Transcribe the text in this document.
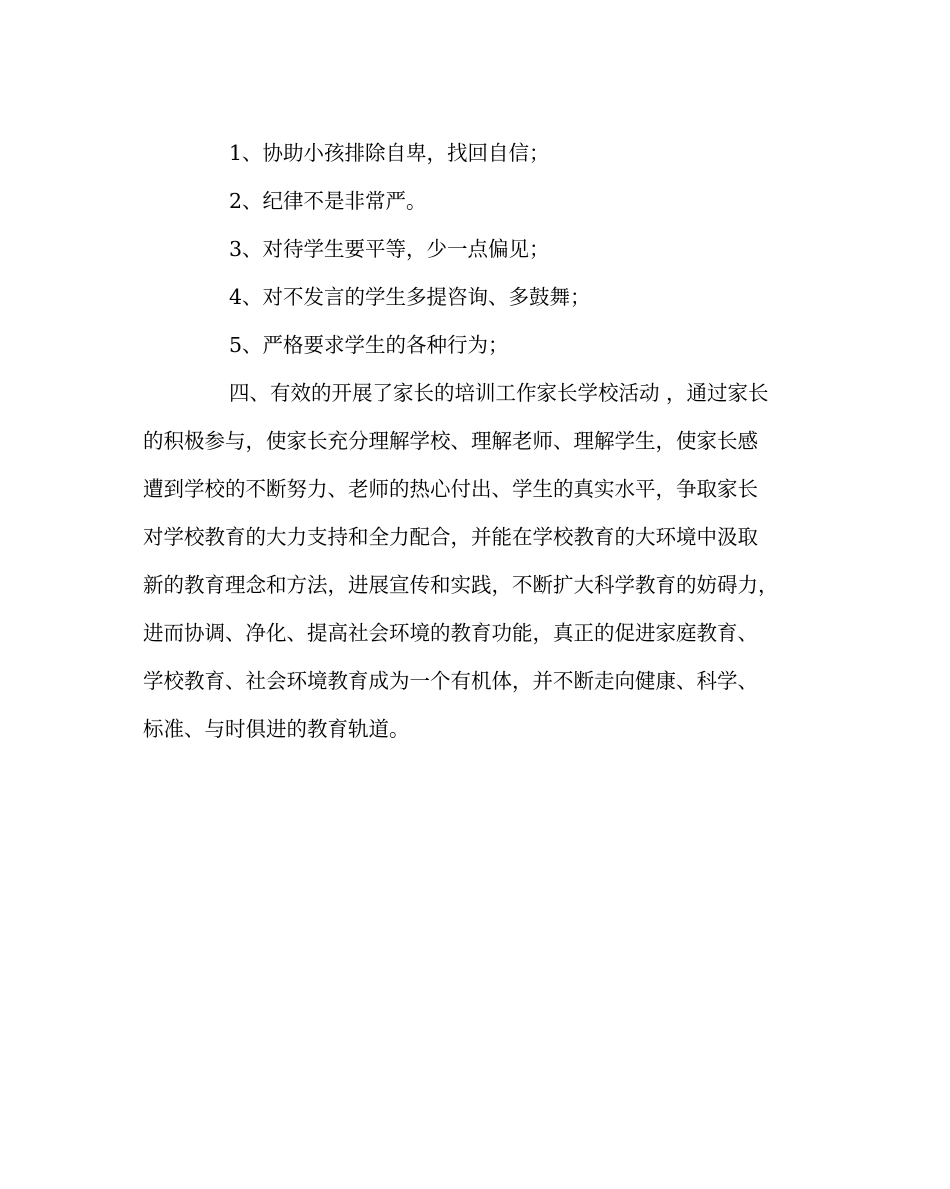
1、协助小孩排除自卑，找回自信；

2、纪律不是非常严。

3、对待学生要平等，少一点偏见；

4、对不发言的学生多提咨询、多鼓舞；

5、严格要求学生的各种行为；

四、有效的开展了家长的培训工作家长学校活动 ，通过家长
的积极参与，使家长充分理解学校、理解老师、理解学生，使家长感
遭到学校的不断努力、老师的热心付出、学生的真实水平，争取家长
对学校教育的大力支持和全力配合，并能在学校教育的大环境中汲取
新的教育理念和方法，进展宣传和实践，不断扩大科学教育的妨碍力，
进而协调、净化、提高社会环境的教育功能，真正的促进家庭教育、
学校教育、社会环境教育成为一个有机体，并不断走向健康、科学、
标准、与时俱进的教育轨道。
